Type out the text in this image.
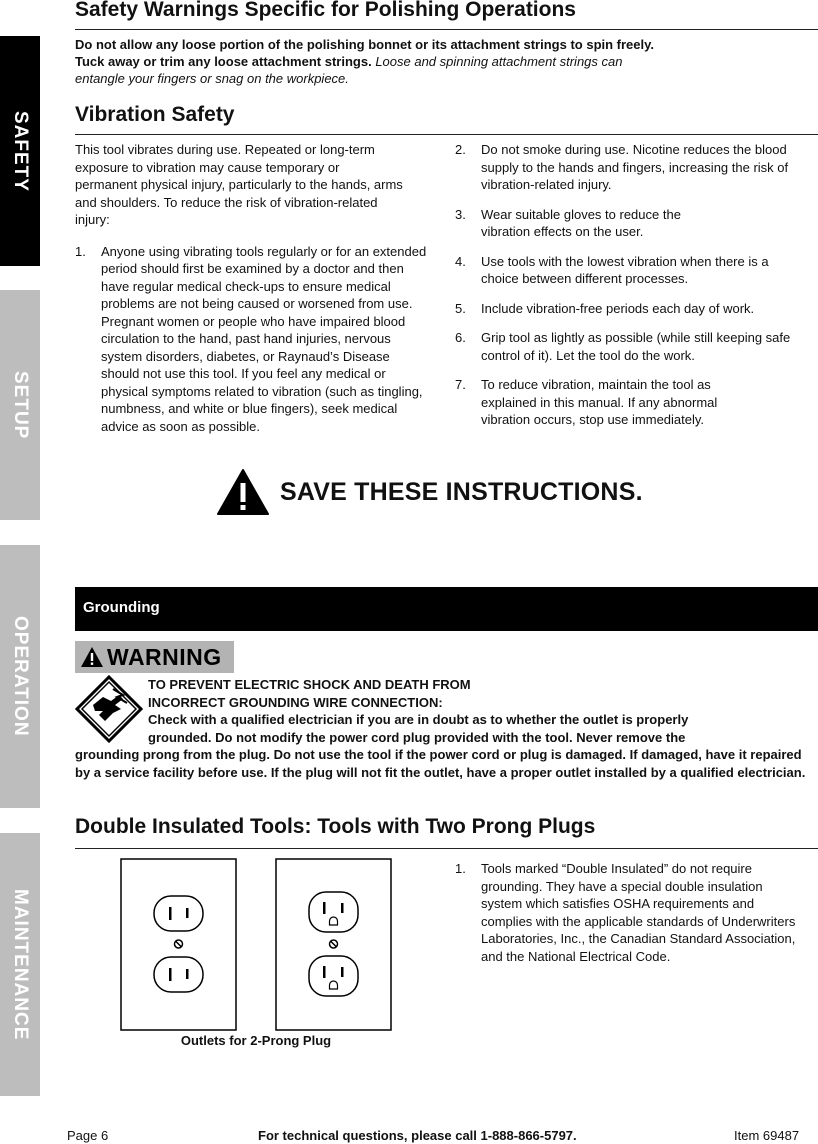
SAFETY
SETUP
OPERATION
MAINTENANCE
Safety Warnings Specific for Polishing Operations
Do not allow any loose portion of the polishing bonnet or its attachment strings to spin freely. Tuck away or trim any loose attachment strings. Loose and spinning attachment strings can entangle your fingers or snag on the workpiece.
Vibration Safety

This tool vibrates during use. Repeated or long-term exposure to vibration may cause temporary or permanent physical injury, particularly to the hands, arms and shoulders. To reduce the risk of vibration-related injury:

1.	Anyone using vibrating tools regularly or for an extended period should first be examined by a doctor and then have regular medical check-ups to ensure medical problems are not being caused or worsened from use. Pregnant women or people who have impaired blood circulation to the hand, past hand injuries, nervous system disorders, diabetes, or Raynaud’s Disease should not use this tool. If you feel any medical or physical symptoms related to vibration (such as tingling, numbness, and white or blue fingers), seek medical advice as soon as possible.
2.	Do not smoke during use. Nicotine reduces the blood supply to the hands and fingers, increasing the risk of vibration-related injury.
3.	Wear suitable gloves to reduce the vibration effects on the user.
4.	Use tools with the lowest vibration when there is a choice between different processes.
5.	Include vibration-free periods each day of work.
6.	Grip tool as lightly as possible (while still keeping safe control of it). Let the tool do the work.
7.	To reduce vibration, maintain the tool as explained in this manual. If any abnormal vibration occurs, stop use immediately.
SAVE THESE INSTRUCTIONS.
Grounding
WARNING
TO PREVENT ELECTRIC SHOCK AND DEATH FROM
INCORRECT GROUNDING WIRE CONNECTION:
Check with a qualified electrician if you are in doubt as to whether the outlet is properly
grounded. Do not modify the power cord plug provided with the tool. Never remove the
grounding prong from the plug. Do not use the tool if the power cord or plug is damaged. If damaged, have it repaired by a service facility before use. If the plug will not fit the outlet, have a proper outlet installed by a qualified electrician.
Double Insulated Tools: Tools with Two Prong Plugs
Outlets for 2-Prong Plug
1.	Tools marked “Double Insulated” do not require grounding. They have a special double insulation system which satisfies OSHA requirements and complies with the applicable standards of Underwriters Laboratories, Inc., the Canadian Standard Association, and the National Electrical Code.
Page 6	For technical questions, please call 1-888-866-5797.	Item 69487
